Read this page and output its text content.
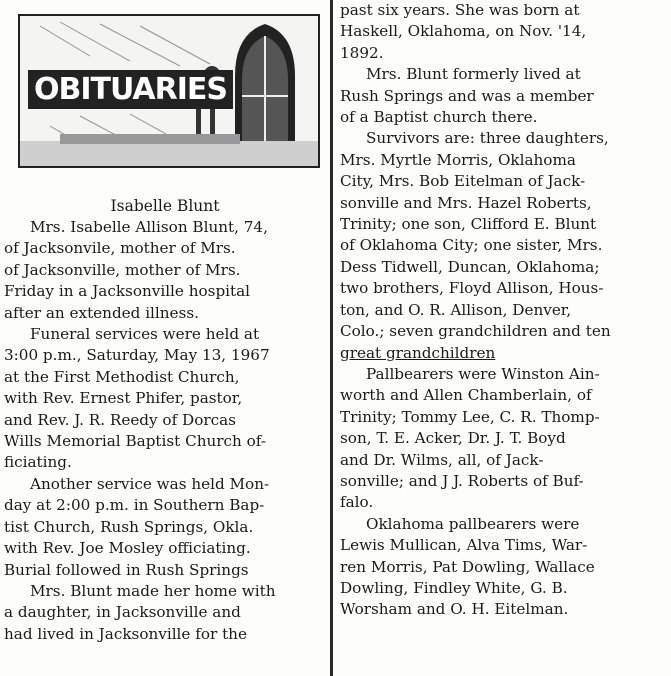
OBITUARIES

Isabelle Blunt

Mrs. Isabelle Allison Blunt, 74,

of Jacksonvile, mother of Mrs.

of Jacksonville, mother of Mrs.

Friday in a Jacksonville hospital

after an extended illness.

Funeral services were held at

3:00 p.m., Saturday, May 13, 1967

at the First Methodist Church,

with Rev. Ernest Phifer, pastor,

and Rev. J. R. Reedy of Dorcas

Wills Memorial Baptist Church of-

ficiating.

Another service was held Mon-

day at 2:00 p.m. in Southern Bap-

tist Church, Rush Springs, Okla.

with Rev. Joe Mosley officiating.

Burial followed in Rush Springs

Mrs. Blunt made her home with

a daughter, in Jacksonville and

had lived in Jacksonville for the

past six years. She was born at

Haskell, Oklahoma, on Nov. '14,

1892.

Mrs. Blunt formerly lived at

Rush Springs and was a member

of a Baptist church there.

Survivors are: three daughters,

Mrs. Myrtle Morris, Oklahoma

City, Mrs. Bob Eitelman of Jack-

sonville and Mrs. Hazel Roberts,

Trinity; one son, Clifford E. Blunt

of Oklahoma City; one sister, Mrs.

Dess Tidwell, Duncan, Oklahoma;

two brothers, Floyd Allison, Hous-

ton, and O. R. Allison, Denver,

Colo.; seven grandchildren and ten

great grandchildren

Pallbearers were Winston Ain-

worth and Allen Chamberlain, of

Trinity; Tommy Lee, C. R. Thomp-

son, T. E. Acker, Dr. J. T. Boyd

and Dr. Wilms, all, of Jack-

sonville; and J J. Roberts of Buf-

falo.

Oklahoma pallbearers were

Lewis Mullican, Alva Tims, War-

ren Morris, Pat Dowling, Wallace

Dowling, Findley White, G. B.

Worsham and O. H. Eitelman.
